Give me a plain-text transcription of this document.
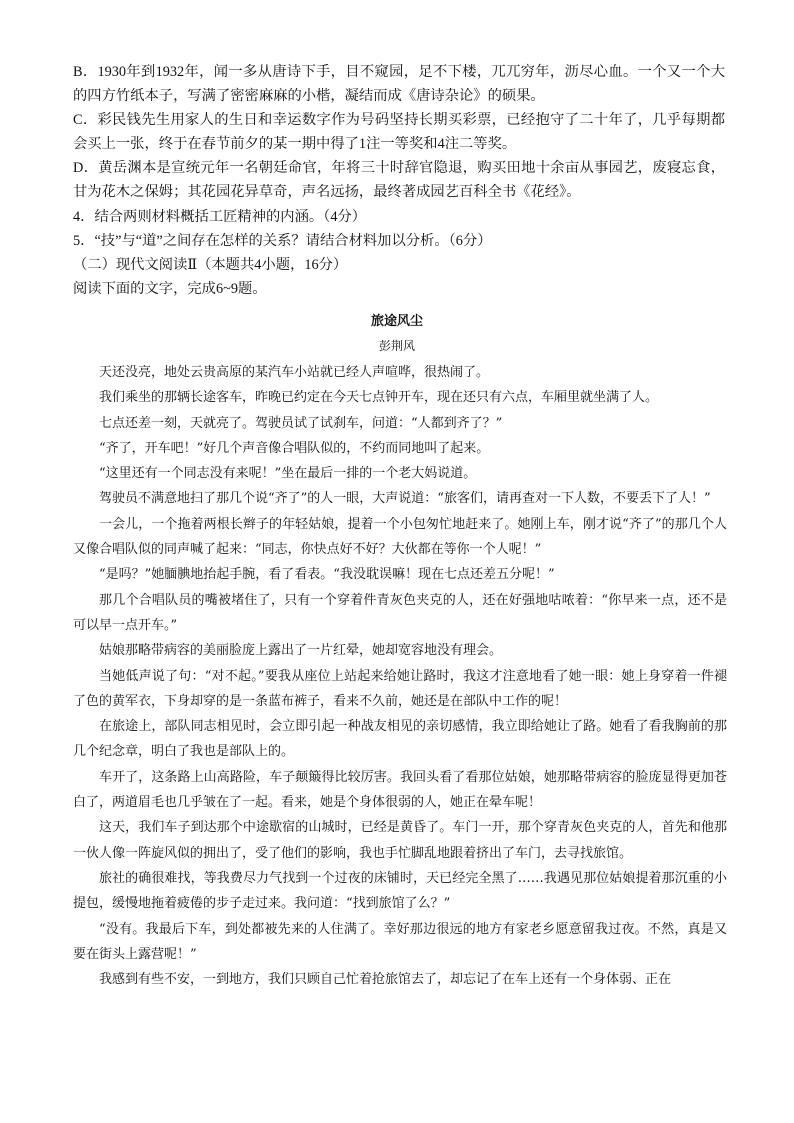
B．1930年到1932年，闻一多从唐诗下手，目不窥园，足不下楼，兀兀穷年，沥尽心血。一个又一个大的四方竹纸本子，写满了密密麻麻的小楷，凝结而成《唐诗杂论》的硕果。

C．彩民钱先生用家人的生日和幸运数字作为号码坚持长期买彩票，已经抱守了二十年了，几乎每期都会买上一张，终于在春节前夕的某一期中得了1注一等奖和4注二等奖。

D．黄岳渊本是宣统元年一名朝廷命官，年将三十时辞官隐退，购买田地十余亩从事园艺，废寝忘食，甘为花木之保姆；其花园花异草奇，声名远扬，最终著成园艺百科全书《花经》。

4．结合两则材料概括工匠精神的内涵。（4分）

5．“技”与“道”之间存在怎样的关系？请结合材料加以分析。（6分）

（二）现代文阅读Ⅱ（本题共4小题，16分）

阅读下面的文字，完成6~9题。

旅途风尘
彭荆风

天还没亮，地处云贵高原的某汽车小站就已经人声喧哗，很热闹了。

我们乘坐的那辆长途客车，昨晚已约定在今天七点钟开车，现在还只有六点，车厢里就坐满了人。

七点还差一刻，天就亮了。驾驶员试了试刹车，问道：“人都到齐了？”

“齐了，开车吧！”好几个声音像合唱队似的，不约而同地叫了起来。

“这里还有一个同志没有来呢！”坐在最后一排的一个老大妈说道。

驾驶员不满意地扫了那几个说“齐了”的人一眼，大声说道：“旅客们，请再查对一下人数，不要丢下了人！”

一会儿，一个拖着两根长辫子的年轻姑娘，提着一个小包匆忙地赶来了。她刚上车，刚才说“齐了”的那几个人又像合唱队似的同声喊了起来：“同志，你快点好不好？大伙都在等你一个人呢！”

“是吗？”她腼腆地抬起手腕，看了看表。“我没耽误嘛！现在七点还差五分呢！”

那几个合唱队员的嘴被堵住了，只有一个穿着件青灰色夹克的人，还在好强地咕哝着：“你早来一点，还不是可以早一点开车。”

姑娘那略带病容的美丽脸庞上露出了一片红晕，她却宽容地没有理会。

当她低声说了句：“对不起。”要我从座位上站起来给她让路时，我这才注意地看了她一眼：她上身穿着一件褪了色的黄军衣，下身却穿的是一条蓝布裤子，看来不久前，她还是在部队中工作的呢！

在旅途上，部队同志相见时，会立即引起一种战友相见的亲切感情，我立即给她让了路。她看了看我胸前的那几个纪念章，明白了我也是部队上的。

车开了，这条路上山高路险，车子颠簸得比较厉害。我回头看了看那位姑娘，她那略带病容的脸庞显得更加苍白了，两道眉毛也几乎皱在了一起。看来，她是个身体很弱的人，她正在晕车呢！

这天，我们车子到达那个中途歇宿的山城时，已经是黄昏了。车门一开，那个穿青灰色夹克的人，首先和他那一伙人像一阵旋风似的拥出了，受了他们的影响，我也手忙脚乱地跟着挤出了车门，去寻找旅馆。

旅社的确很难找，等我费尽力气找到一个过夜的床铺时，天已经完全黑了……我遇见那位姑娘提着那沉重的小提包，缓慢地拖着疲倦的步子走过来。我问道：“找到旅馆了么？”

“没有。我最后下车，到处都被先来的人住满了。幸好那边很远的地方有家老乡愿意留我过夜。不然，真是又要在街头上露营呢！”

我感到有些不安，一到地方，我们只顾自己忙着抢旅馆去了，却忘记了在车上还有一个身体弱、正在
